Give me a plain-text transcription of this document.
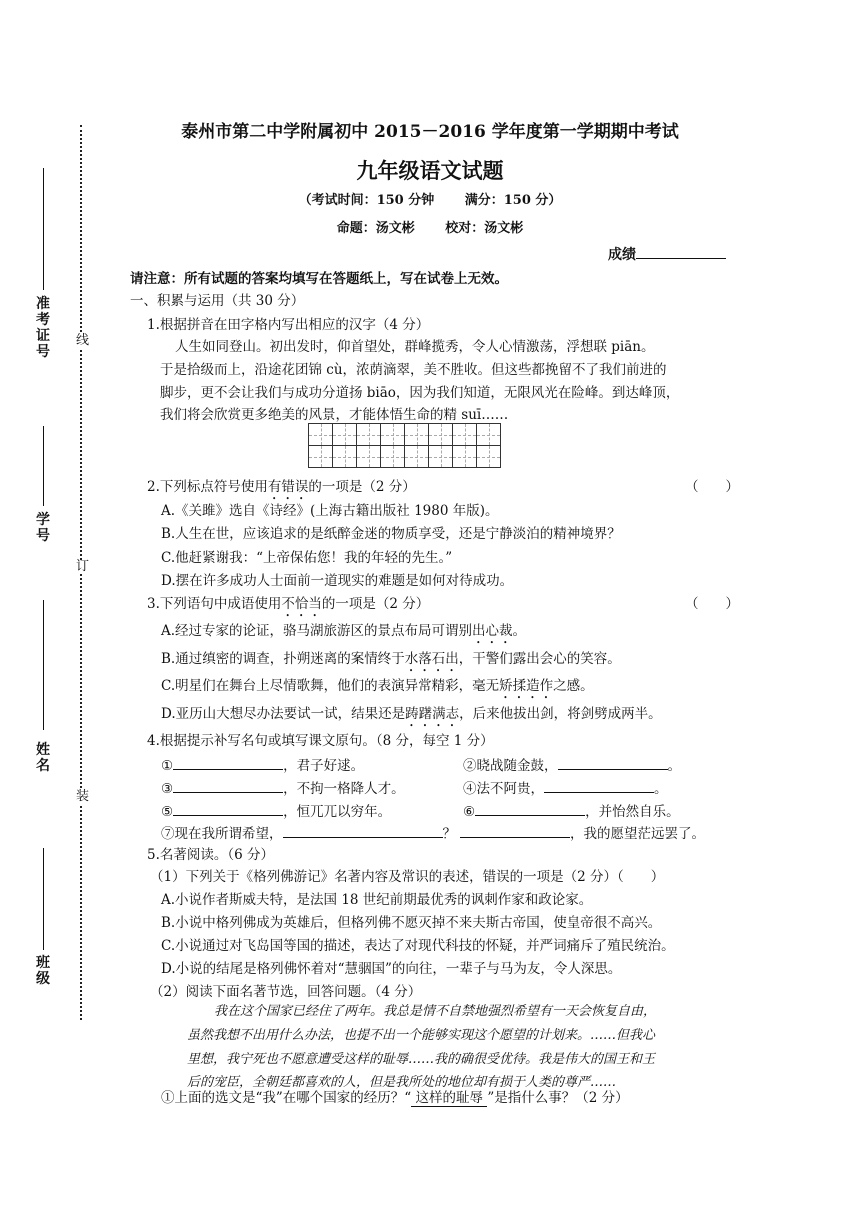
准考证号
学号
姓名
班级
线
订
装
泰州市第二中学附属初中 2015－2016 学年度第一学期期中考试
九年级语文试题
（考试时间：150 分钟　　 满分：150 分）
命题：汤文彬　　 校对：汤文彬
成绩
请注意：所有试题的答案均填写在答题纸上，写在试卷上无效。
一、积累与运用（共 30 分）
1.根据拼音在田字格内写出相应的汉字（4 分）
人生如同登山。初出发时，仰首望处，群峰揽秀，令人心情激荡，浮想联 piān。
于是拾级而上，沿途花团锦 cù，浓荫滴翠，美不胜收。但这些都挽留不了我们前进的
脚步，更不会让我们与成功分道扬 biāo，因为我们知道，无限风光在险峰。到达峰顶，
我们将会欣赏更多绝美的风景，才能体悟生命的精 suī……

2.下列标点符号使用有错误的一项是（2 分）	（　　）
A.《关雎》选自《诗经》(上海古籍出版社 1980 年版)。
B.人生在世，应该追求的是纸醉金迷的物质享受，还是宁静淡泊的精神境界？
C.他赶紧谢我：“上帝保佑您！我的年轻的先生。”
D.摆在许多成功人士面前一道现实的难题是如何对待成功。
3.下列语句中成语使用不恰当的一项是（2 分）	（　　）
A.经过专家的论证，骆马湖旅游区的景点布局可谓别出心裁。
B.通过缜密的调查，扑朔迷离的案情终于水落石出，干警们露出会心的笑容。
C.明星们在舞台上尽情歌舞，他们的表演异常精彩，毫无矫揉造作之感。
D.亚历山大想尽办法要试一试，结果还是踌躇满志，后来他拔出剑，将剑劈成两半。
4.根据提示补写名句或填写课文原句。（8 分，每空 1 分）
①	，君子好逑。	②晓战随金鼓，	。
③	，不拘一格降人才。	④法不阿贵，	。
⑤	，恒兀兀以穷年。	⑥	，并怡然自乐。
⑦现在我所谓希望，	？	，我的愿望茫远罢了。
5.名著阅读。（6 分）
（1）下列关于《格列佛游记》名著内容及常识的表述，错误的一项是（2 分）（　　）
A.小说作者斯威夫特，是法国 18 世纪前期最优秀的讽刺作家和政论家。
B.小说中格列佛成为英雄后，但格列佛不愿灭掉不来夫斯古帝国，使皇帝很不高兴。
C.小说通过对飞岛国等国的描述，表达了对现代科技的怀疑，并严词痛斥了殖民统治。
D.小说的结尾是格列佛怀着对“慧骃国”的向往，一辈子与马为友，令人深思。
（2）阅读下面名著节选，回答问题。（4 分）
我在这个国家已经住了两年。我总是情不自禁地强烈希望有一天会恢复自由，
虽然我想不出用什么办法，也提不出一个能够实现这个愿望的计划来。……但我心
里想，我宁死也不愿意遭受这样的耻辱……我的确很受优待。我是伟大的国王和王
后的宠臣，全朝廷都喜欢的人，但是我所处的地位却有损于人类的尊严……
①上面的选文是“我”在哪个国家的经历？“ 这样的耻辱 ”是指什么事？（2 分）
